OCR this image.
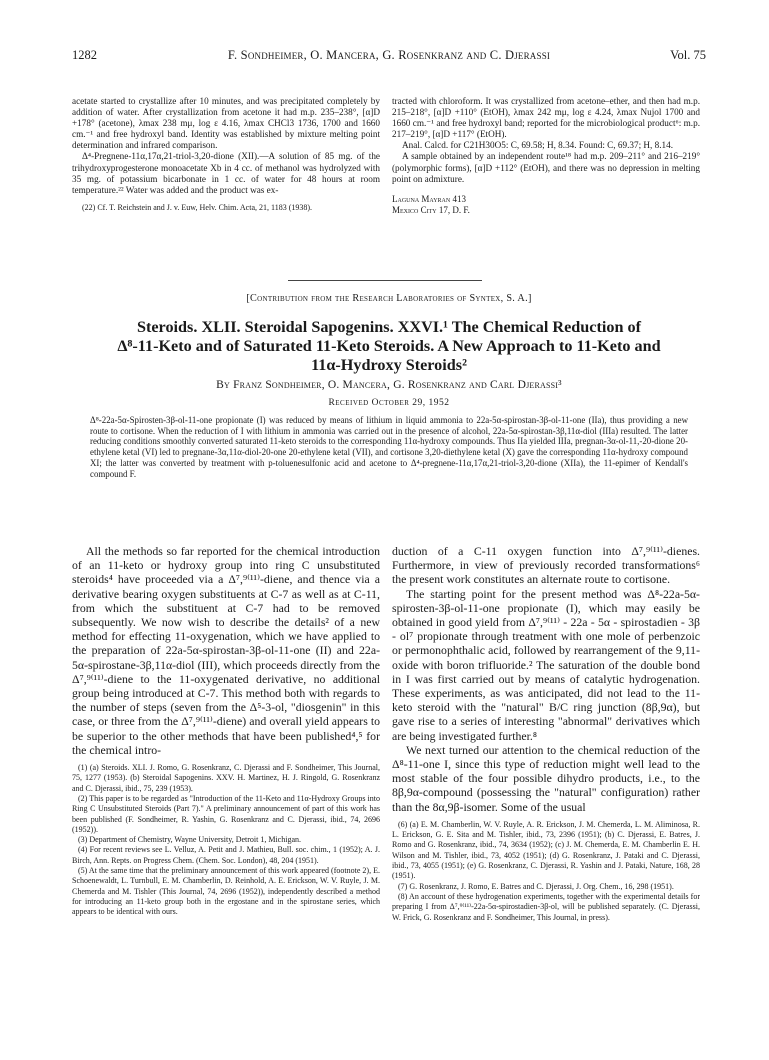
1282	F. Sondheimer, O. Mancera, G. Rosenkranz and C. Djerassi	Vol. 75

acetate started to crystallize after 10 minutes, and was precipitated completely by addition of water. After crystallization from acetone it had m.p. 235–238°, [α]D +178° (acetone), λmax 238 mμ, log ε 4.16, λmax CHCl3 1736, 1700 and 1660 cm.⁻¹ and free hydroxyl band. Identity was established by mixture melting point determination and infrared comparison.

Δ⁴-Pregnene-11α,17α,21-triol-3,20-dione (XII).—A solution of 85 mg. of the trihydroxyprogesterone monoacetate Xb in 4 cc. of methanol was hydrolyzed with 35 mg. of potassium bicarbonate in 1 cc. of water for 48 hours at room temperature.²² Water was added and the product was ex-

(22) Cf. T. Reichstein and J. v. Euw, Helv. Chim. Acta, 21, 1183 (1938).

tracted with chloroform. It was crystallized from acetone–ether, and then had m.p. 215–218°, [α]D +110° (EtOH), λmax 242 mμ, log ε 4.24, λmax Nujol 1700 and 1660 cm.⁻¹ and free hydroxyl band; reported for the microbiological product⁶: m.p. 217–219°, [α]D +117° (EtOH).

Anal. Calcd. for C21H30O5: C, 69.58; H, 8.34. Found: C, 69.37; H, 8.14.

A sample obtained by an independent route¹⁸ had m.p. 209–211° and 216–219° (polymorphic forms), [α]D +112° (EtOH), and there was no depression in melting point on admixture.

Laguna Mayran 413

Mexico City 17, D. F.

[Contribution from the Research Laboratories of Syntex, S. A.]

Steroids. XLII. Steroidal Sapogenins. XXVI.¹ The Chemical Reduction of

Δ⁸-11-Keto and of Saturated 11-Keto Steroids. A New Approach to 11-Keto and

11α-Hydroxy Steroids²

By Franz Sondheimer, O. Mancera, G. Rosenkranz and Carl Djerassi³
Received October 29, 1952
Δ⁸-22a-5α-Spirosten-3β-ol-11-one propionate (I) was reduced by means of lithium in liquid ammonia to 22a-5α-spirostan-3β-ol-11-one (IIa), thus providing a new route to cortisone. When the reduction of I with lithium in ammonia was carried out in the presence of alcohol, 22a-5α-spirostan-3β,11α-diol (IIIa) resulted. The latter reducing conditions smoothly converted saturated 11-keto steroids to the corresponding 11α-hydroxy compounds. Thus IIa yielded IIIa, pregnan-3α-ol-11,-20-dione 20-ethylene ketal (VI) led to pregnane-3α,11α-diol-20-one 20-ethylene ketal (VII), and cortisone 3,20-diethylene ketal (X) gave the corresponding 11α-hydroxy compound XI; the latter was converted by treatment with p-toluenesulfonic acid and acetone to Δ⁴-pregnene-11α,17α,21-triol-3,20-dione (XIIa), the 11-epimer of Kendall's compound F.

All the methods so far reported for the chemical introduction of an 11-keto or hydroxy group into ring C unsubstituted steroids⁴ have proceeded via a Δ⁷,⁹⁽¹¹⁾-diene, and thence via a derivative bearing oxygen substituents at C-7 as well as at C-11, from which the substituent at C-7 had to be removed subsequently. We now wish to describe the details² of a new method for effecting 11-oxygenation, which we have applied to the preparation of 22a-5α-spirostan-3β-ol-11-one (II) and 22a-5α-spirostane-3β,11α-diol (III), which proceeds directly from the Δ⁷,⁹⁽¹¹⁾-diene to the 11-oxygenated derivative, no additional group being introduced at C-7. This method both with regards to the number of steps (seven from the Δ⁵-3-ol, "diosgenin" in this case, or three from the Δ⁷,⁹⁽¹¹⁾-diene) and overall yield appears to be superior to the other methods that have been published⁴,⁵ for the chemical intro-

(1) (a) Steroids. XLI. J. Romo, G. Rosenkranz, C. Djerassi and F. Sondheimer, This Journal, 75, 1277 (1953). (b) Steroidal Sapogenins. XXV. H. Martinez, H. J. Ringold, G. Rosenkranz and C. Djerassi, ibid., 75, 239 (1953).

(2) This paper is to be regarded as "Introduction of the 11-Keto and 11α-Hydroxy Groups into Ring C Unsubstituted Steroids (Part 7)." A preliminary announcement of part of this work has been published (F. Sondheimer, R. Yashin, G. Rosenkranz and C. Djerassi, ibid., 74, 2696 (1952)).

(3) Department of Chemistry, Wayne University, Detroit 1, Michigan.

(4) For recent reviews see L. Velluz, A. Petit and J. Mathieu, Bull. soc. chim., 1 (1952); A. J. Birch, Ann. Repts. on Progress Chem. (Chem. Soc. London), 48, 204 (1951).

(5) At the same time that the preliminary announcement of this work appeared (footnote 2), E. Schoenewaldt, L. Turnbull, E. M. Chamberlin, D. Reinhold, A. E. Erickson, W. V. Ruyle, J. M. Chemerda and M. Tishler (This Journal, 74, 2696 (1952)), independently described a method for introducing an 11-keto group both in the ergostane and in the spirostane series, which appears to be identical with ours.

duction of a C-11 oxygen function into Δ⁷,⁹⁽¹¹⁾-dienes. Furthermore, in view of previously recorded transformations⁶ the present work constitutes an alternate route to cortisone.

The starting point for the present method was Δ⁸-22a-5α-spirosten-3β-ol-11-one propionate (I), which may easily be obtained in good yield from Δ⁷,⁹⁽¹¹⁾ - 22a - 5α - spirostadien - 3β - ol⁷ propionate through treatment with one mole of perbenzoic or permonophthalic acid, followed by rearrangement of the 9,11-oxide with boron trifluoride.² The saturation of the double bond in I was first carried out by means of catalytic hydrogenation. These experiments, as was anticipated, did not lead to the 11-keto steroid with the "natural" B/C ring junction (8β,9α), but gave rise to a series of interesting "abnormal" derivatives which are being investigated further.⁸

We next turned our attention to the chemical reduction of the Δ⁸-11-one I, since this type of reduction might well lead to the most stable of the four possible dihydro products, i.e., to the 8β,9α-compound (possessing the "natural" configuration) rather than the 8α,9β-isomer. Some of the usual

(6) (a) E. M. Chamberlin, W. V. Ruyle, A. R. Erickson, J. M. Chemerda, L. M. Aliminosa, R. L. Erickson, G. E. Sita and M. Tishler, ibid., 73, 2396 (1951); (b) C. Djerassi, E. Batres, J. Romo and G. Rosenkranz, ibid., 74, 3634 (1952); (c) J. M. Chemerda, E. M. Chamberlin E. H. Wilson and M. Tishler, ibid., 73, 4052 (1951); (d) G. Rosenkranz, J. Pataki and C. Djerassi, ibid., 73, 4055 (1951); (e) G. Rosenkranz, C. Djerassi, R. Yashin and J. Pataki, Nature, 168, 28 (1951).

(7) G. Rosenkranz, J. Romo, E. Batres and C. Djerassi, J. Org. Chem., 16, 298 (1951).

(8) An account of these hydrogenation experiments, together with the experimental details for preparing I from Δ⁷,⁹⁽¹¹⁾-22a-5α-spirostadien-3β-ol, will be published separately. (C. Djerassi, W. Frick, G. Rosenkranz and F. Sondheimer, This Journal, in press).
